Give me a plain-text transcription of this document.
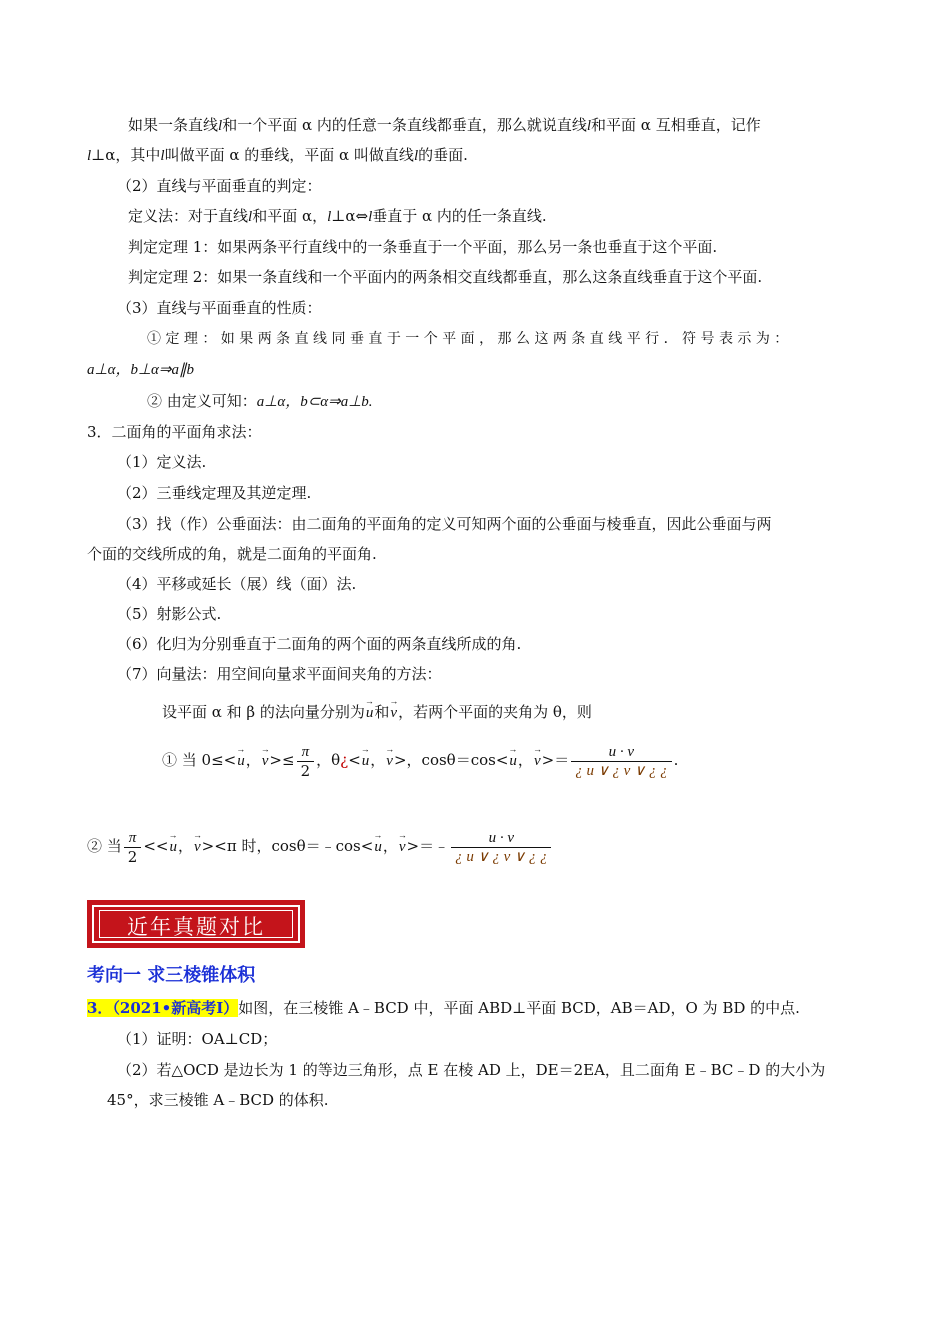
如果一条直线l和一个平面 α 内的任意一条直线都垂直，那么就说直线l和平面 α 互相垂直，记作
l⊥α，其中l叫做平面 α 的垂线，平面 α 叫做直线l的垂面.
（2）直线与平面垂直的判定：
定义法：对于直线l和平面 α，l⊥α⇔l垂直于 α 内的任一条直线.
判定定理 1：如果两条平行直线中的一条垂直于一个平面，那么另一条也垂直于这个平面.
判定定理 2：如果一条直线和一个平面内的两条相交直线都垂直，那么这条直线垂直于这个平面.
（3）直线与平面垂直的性质：
① 定 理 ： 如 果 两 条 直 线 同 垂 直 于 一 个 平 面 ， 那 么 这 两 条 直 线 平 行 ． 符 号 表 示 为 ：
a⊥α，b⊥α⇒a∥b
② 由定义可知：a⊥α，b⊂α⇒a⊥b.
3．二面角的平面角求法：
（1）定义法.
（2）三垂线定理及其逆定理.
（3）找（作）公垂面法：由二面角的平面角的定义可知两个面的公垂面与棱垂直，因此公垂面与两
个面的交线所成的角，就是二面角的平面角.
（4）平移或延长（展）线（面）法.
（5）射影公式.
（6）化归为分别垂直于二面角的两个面的两条直线所成的角.
（7）向量法：用空间向量求平面间夹角的方法：
设平面 α 和 β 的法向量分别为→ u和→ v，若两个平面的夹角为 θ，则
① 当 0≤<→ u，→ $v>\le \frac{\pi}{2}$ ，θ¿<→ u，→ v>，cosθ＝cos<→ u，→ $v>= \frac{u \cdot v}{¿ u \vee ¿ v \vee ¿ ¿}$ .
② 当 $\frac{\pi}{2}$ <<→ u，→ v><π 时，cosθ＝﹣cos<→ u，→ v>＝﹣ $\frac{u \cdot v}{¿ u \vee ¿ v \vee ¿ ¿}$
近年真题对比
考向一 求三棱锥体积
3．（2021•新高考Ⅰ）如图，在三棱锥 A﹣BCD 中，平面 ABD⊥平面 BCD，AB＝AD，O 为 BD 的中点.
（1）证明：OA⊥CD；
（2）若△OCD 是边长为 1 的等边三角形，点 E 在棱 AD 上，DE＝2EA，且二面角 E﹣BC﹣D 的大小为
45°，求三棱锥 A﹣BCD 的体积.
